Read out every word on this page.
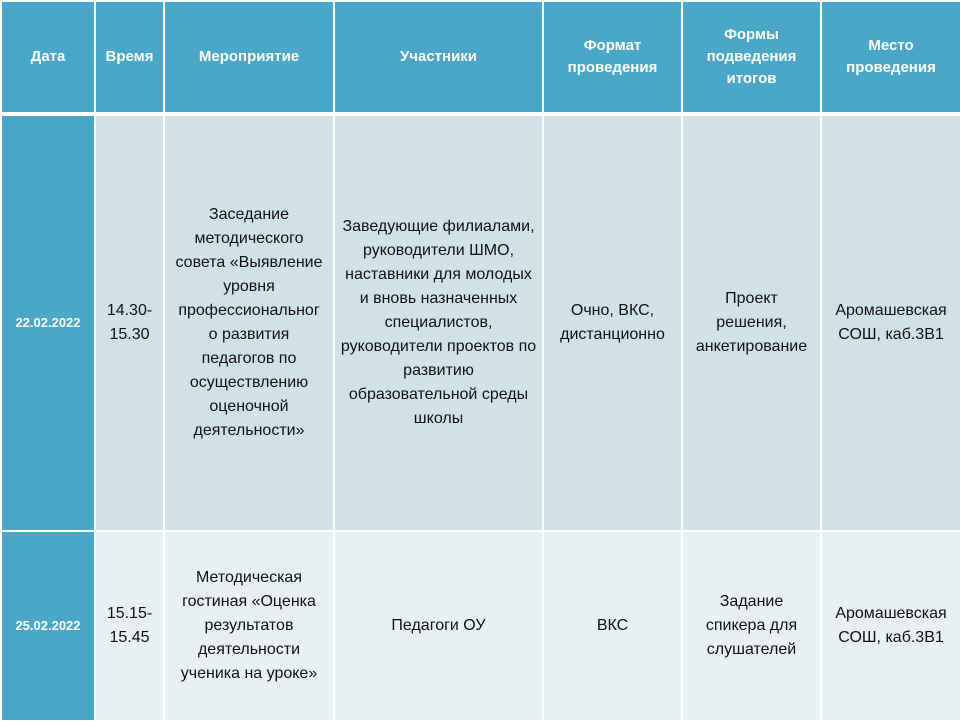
Дата	Время	Мероприятие	Участники	Формат проведения	Формы подведения итогов	Место проведения

22.02.2022	14.30-15.30	Заседание методического совета «Выявление уровня профессиональног о развития педагогов по осуществлению оценочной деятельности»	Заведующие филиалами, руководители ШМО, наставники для молодых и вновь назначенных специалистов, руководители проектов по развитию образовательной среды школы	Очно, ВКС, дистанционно	Проект решения, анкетирование	Аромашевская СОШ, каб.3В1
25.02.2022	15.15-15.45	Методическая гостиная «Оценка результатов деятельности ученика на уроке»	Педагоги ОУ	ВКС	Задание спикера для слушателей	Аромашевская СОШ, каб.3В1
